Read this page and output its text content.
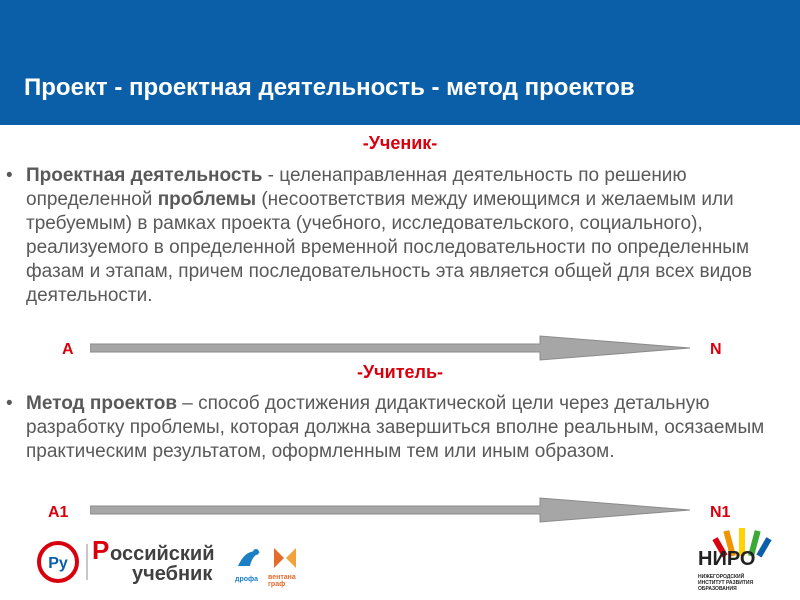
Проект - проектная деятельность - метод проектов
-Ученик-
• Проектная деятельность - целенаправленная деятельность по решению определенной проблемы (несоответствия между имеющимся и желаемым или требуемым) в рамках проекта (учебного, исследовательского, социального), реализуемого в определенной временной последовательности по определенным фазам и этапам, причем последовательность эта является общей для всех видов деятельности.
A	N
-Учитель-
• Метод проектов – способ достижения дидактической цели через детальную разработку проблемы, которая должна завершиться вполне реальным, осязаемым практическим результатом, оформленным тем или иным образом.
A1	N1
Ру Р оссийский
учебник	дрофа вентана граф
НИРО
НИЖЕГОРОДСКИЙ ИНСТИТУТ РАЗВИТИЯ ОБРАЗОВАНИЯ
